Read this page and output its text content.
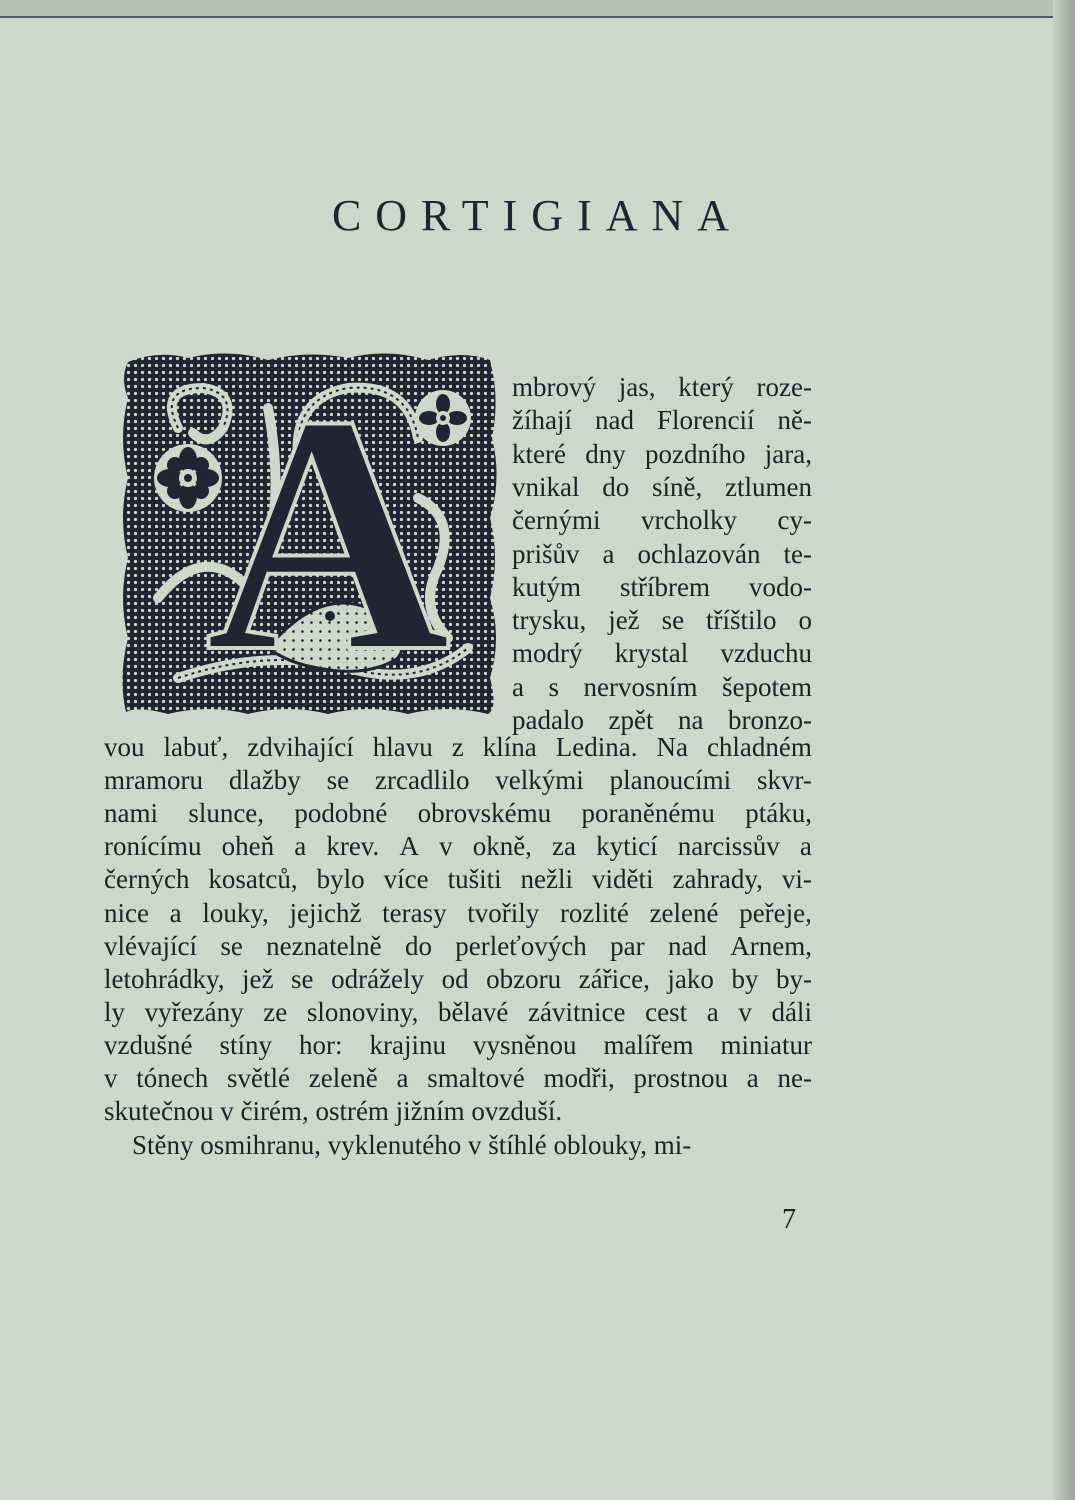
CORTIGIANA
A mbrový jas, který roze-
žíhají nad Florencií ně-
které dny pozdního jara,
vnikal do síně, ztlumen
černými vrcholky cy-
prišův a ochlazován te-
kutým stříbrem vodo-
trysku, jež se tříštilo o
modrý krystal vzduchu
a s nervosním šepotem
padalo zpět na bronzo-
vou labuť, zdvihající hlavu z klína Ledina. Na chladném
mramoru dlažby se zrcadlilo velkými planoucími skvr-
nami slunce, podobné obrovskému poraněnému ptáku,
ronícímu oheň a krev. A v okně, za kyticí narcissův a
černých kosatců, bylo více tušiti nežli viděti zahrady, vi-
nice a louky, jejichž terasy tvořily rozlité zelené peřeje,
vlévající se neznatelně do perleťových par nad Arnem,
letohrádky, jež se odrážely od obzoru zářice, jako by by-
ly vyřezány ze slonoviny, bělavé závitnice cest a v dáli
vzdušné stíny hor: krajinu vysněnou malířem miniatur
v tónech světlé zeleně a smaltové modři, prostnou a ne-
skutečnou v čirém, ostrém jižním ovzduší.
Stěny osmihranu, vyklenutého v štíhlé oblouky, mi-
7
